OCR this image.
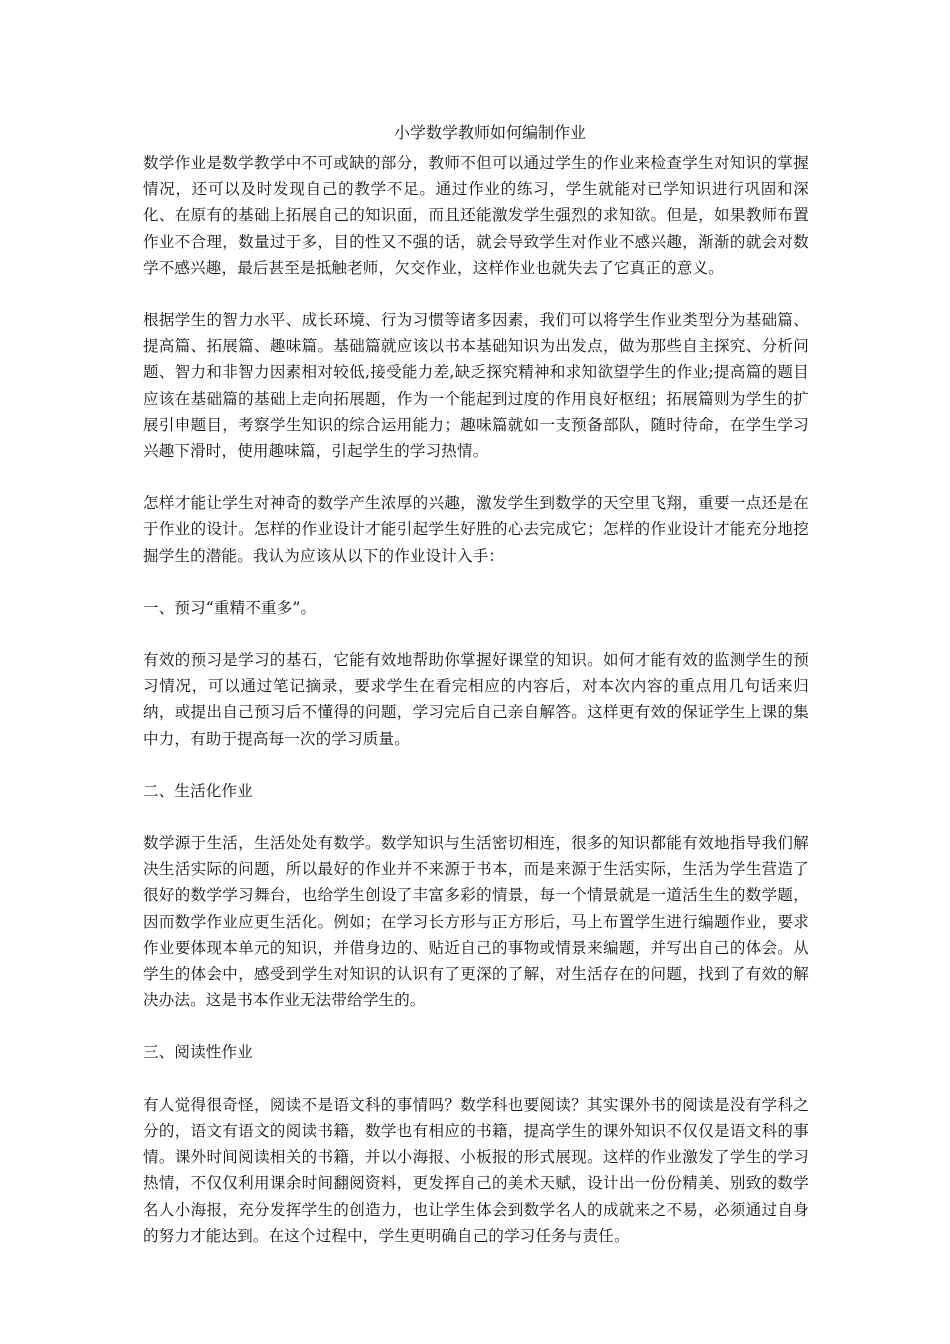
小学数学教师如何编制作业

数学作业是数学教学中不可或缺的部分，教师不但可以通过学生的作业来检查学生对知识的掌握情况，还可以及时发现自己的教学不足。通过作业的练习，学生就能对已学知识进行巩固和深化、在原有的基础上拓展自己的知识面，而且还能激发学生强烈的求知欲。但是，如果教师布置作业不合理，数量过于多，目的性又不强的话，就会导致学生对作业不感兴趣，渐渐的就会对数学不感兴趣，最后甚至是抵触老师，欠交作业，这样作业也就失去了它真正的意义。

根据学生的智力水平、成长环境、行为习惯等诸多因素，我们可以将学生作业类型分为基础篇、提高篇、拓展篇、趣味篇。基础篇就应该以书本基础知识为出发点，做为那些自主探究、分析问题、智力和非智力因素相对较低,接受能力差,缺乏探究精神和求知欲望学生的作业;提高篇的题目应该在基础篇的基础上走向拓展题，作为一个能起到过度的作用良好枢纽；拓展篇则为学生的扩展引申题目，考察学生知识的综合运用能力；趣味篇就如一支预备部队，随时待命，在学生学习兴趣下滑时，使用趣味篇，引起学生的学习热情。

怎样才能让学生对神奇的数学产生浓厚的兴趣，激发学生到数学的天空里飞翔，重要一点还是在于作业的设计。怎样的作业设计才能引起学生好胜的心去完成它；怎样的作业设计才能充分地挖掘学生的潜能。我认为应该从以下的作业设计入手：

一、预习“重精不重多”。

有效的预习是学习的基石，它能有效地帮助你掌握好课堂的知识。如何才能有效的监测学生的预习情况，可以通过笔记摘录，要求学生在看完相应的内容后，对本次内容的重点用几句话来归纳，或提出自己预习后不懂得的问题，学习完后自己亲自解答。这样更有效的保证学生上课的集中力，有助于提高每一次的学习质量。

二、生活化作业

数学源于生活，生活处处有数学。数学知识与生活密切相连，很多的知识都能有效地指导我们解决生活实际的问题，所以最好的作业并不来源于书本，而是来源于生活实际，生活为学生营造了很好的数学学习舞台，也给学生创设了丰富多彩的情景，每一个情景就是一道活生生的数学题，因而数学作业应更生活化。例如；在学习长方形与正方形后，马上布置学生进行编题作业，要求作业要体现本单元的知识，并借身边的、贴近自己的事物或情景来编题，并写出自己的体会。从学生的体会中，感受到学生对知识的认识有了更深的了解，对生活存在的问题，找到了有效的解决办法。这是书本作业无法带给学生的。

三、阅读性作业

有人觉得很奇怪，阅读不是语文科的事情吗？数学科也要阅读？其实课外书的阅读是没有学科之分的，语文有语文的阅读书籍，数学也有相应的书籍，提高学生的课外知识不仅仅是语文科的事情。课外时间阅读相关的书籍，并以小海报、小板报的形式展现。这样的作业激发了学生的学习热情，不仅仅利用课余时间翻阅资料，更发挥自己的美术天赋，设计出一份份精美、别致的数学名人小海报，充分发挥学生的创造力，也让学生体会到数学名人的成就来之不易，必须通过自身的努力才能达到。在这个过程中，学生更明确自己的学习任务与责任。
